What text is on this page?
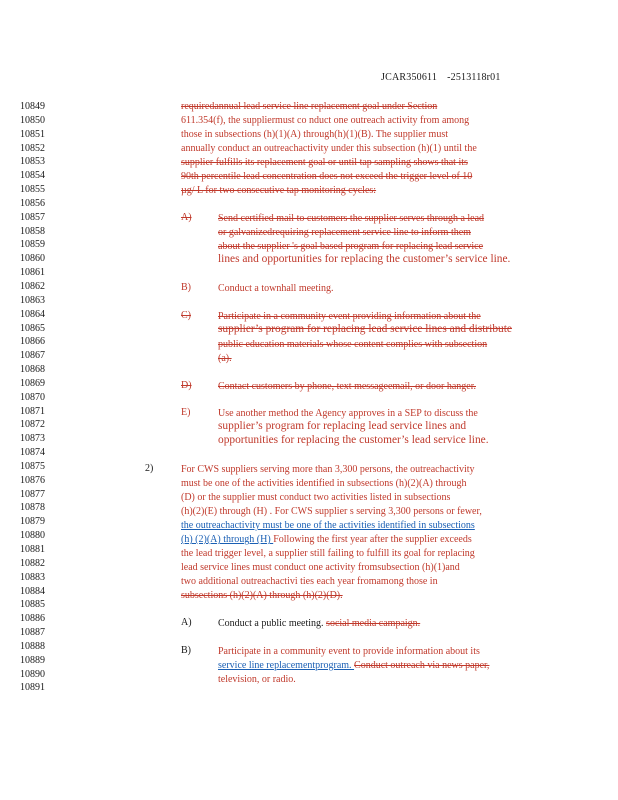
JCAR350611 -2513118r01
10849
10850
10851
10852
10853
10854
10855
10856
10857
10858
10859
10860
10861
10862
10863
10864
10865
10866
10867
10868
10869
10870
10871
10872
10873
10874
10875
10876
10877
10878
10879
10880
10881
10882
10883
10884
10885
10886
10887
10888
10889
10890
10891
requiredannual lead service line replacement goal under Section
611.354(f), the suppliermust co nduct one outreach activity from among
those in subsections (h)(1)(A) through(h)(1)(B). The supplier must
annually conduct an outreachactivity under this subsection (h)(1) until the
supplier fulfills its replacement goal or until tap sampling shows that its
90th percentile lead concentration does not exceed the trigger level of 10
µg/ L for two consecutive tap monitoring cycles:
A)	Send certified mail to customers the supplier serves through a lead
or galvanizedrequiring replacement service line to inform them
about the supplier 's goal based program for replacing lead service
lines and opportunities for replacing the customer’s service line.
B)	Conduct a townhall meeting.
C)	Participate in a community event providing information about the
supplier’s program for replacing lead service lines and distribute
public education materials whose content complies with subsection
(a).
D)	Contact customers by phone, text messageemail, or door hanger.
E)	Use another method the Agency approves in a SEP to discuss the
supplier’s program for replacing lead service lines and
opportunities for replacing the customer’s lead service line.
2)	For CWS suppliers serving more than 3,300 persons, the outreachactivity
must be one of the activities identified in subsections (h)(2)(A) through
(D) or the supplier must conduct two activities listed in subsections
(h)(2)(E) through (H) . For CWS supplier s serving 3,300 persons or fewer,
the outreachactivity must be one of the activities identified in subsections
(h) (2)(A) through (H) Following the first year after the supplier exceeds
the lead trigger level, a supplier still failing to fulfill its goal for replacing
lead service lines must conduct one activity fromsubsection (h)(1)and
two additional outreachactivi ties each year fromamong those in
subsections (h)(2)(A) through (h)(2)(D).
A)	Conduct a public meeting. social media campaign.
B)	Participate in a community event to provide information about its
service line replacementprogram. Conduct outreach via news paper,
television, or radio.
